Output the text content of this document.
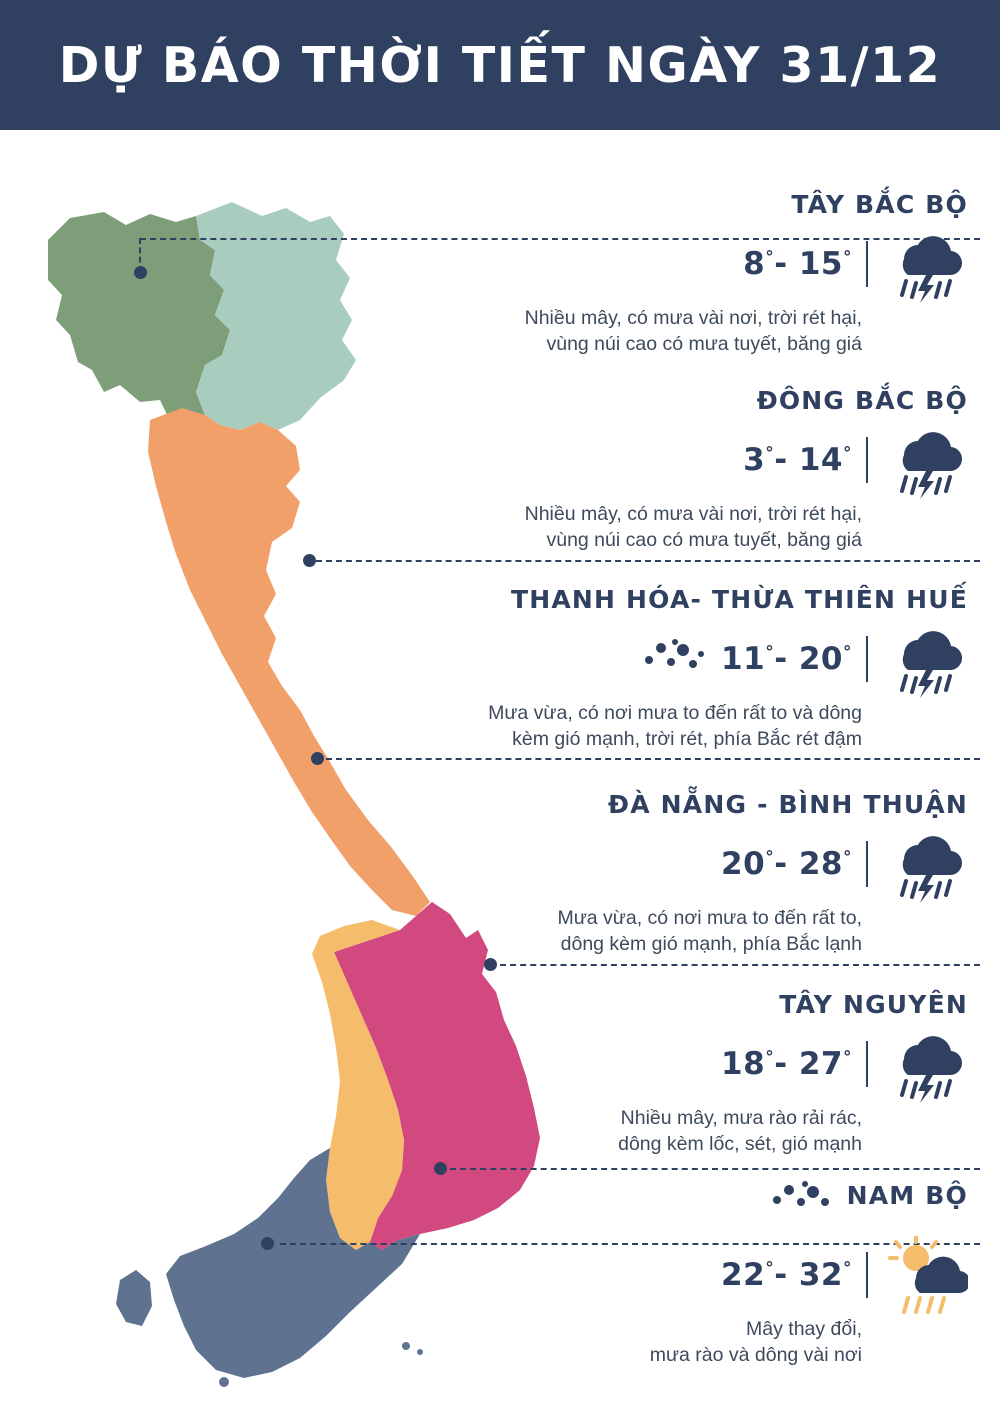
DỰ BÁO THỜI TIẾT NGÀY 31/12
TÂY BẮC BỘ
8°- 15°
Nhiều mây, có mưa vài nơi, trời rét hại,
vùng núi cao có mưa tuyết, băng giá
ĐÔNG BẮC BỘ
3°- 14°
Nhiều mây, có mưa vài nơi, trời rét hại,
vùng núi cao có mưa tuyết, băng giá
THANH HÓA- THỪA THIÊN HUẾ
11°- 20°
Mưa vừa, có nơi mưa to đến rất to và dông
kèm gió mạnh, trời rét, phía Bắc rét đậm
ĐÀ NẴNG - BÌNH THUẬN
20°- 28°
Mưa vừa, có nơi mưa to đến rất to,
dông kèm gió mạnh, phía Bắc lạnh
TÂY NGUYÊN
18°- 27°
Nhiều mây, mưa rào rải rác,
dông kèm lốc, sét, gió mạnh
NAM BỘ
22°- 32°
Mây thay đổi,
mưa rào và dông vài nơi
